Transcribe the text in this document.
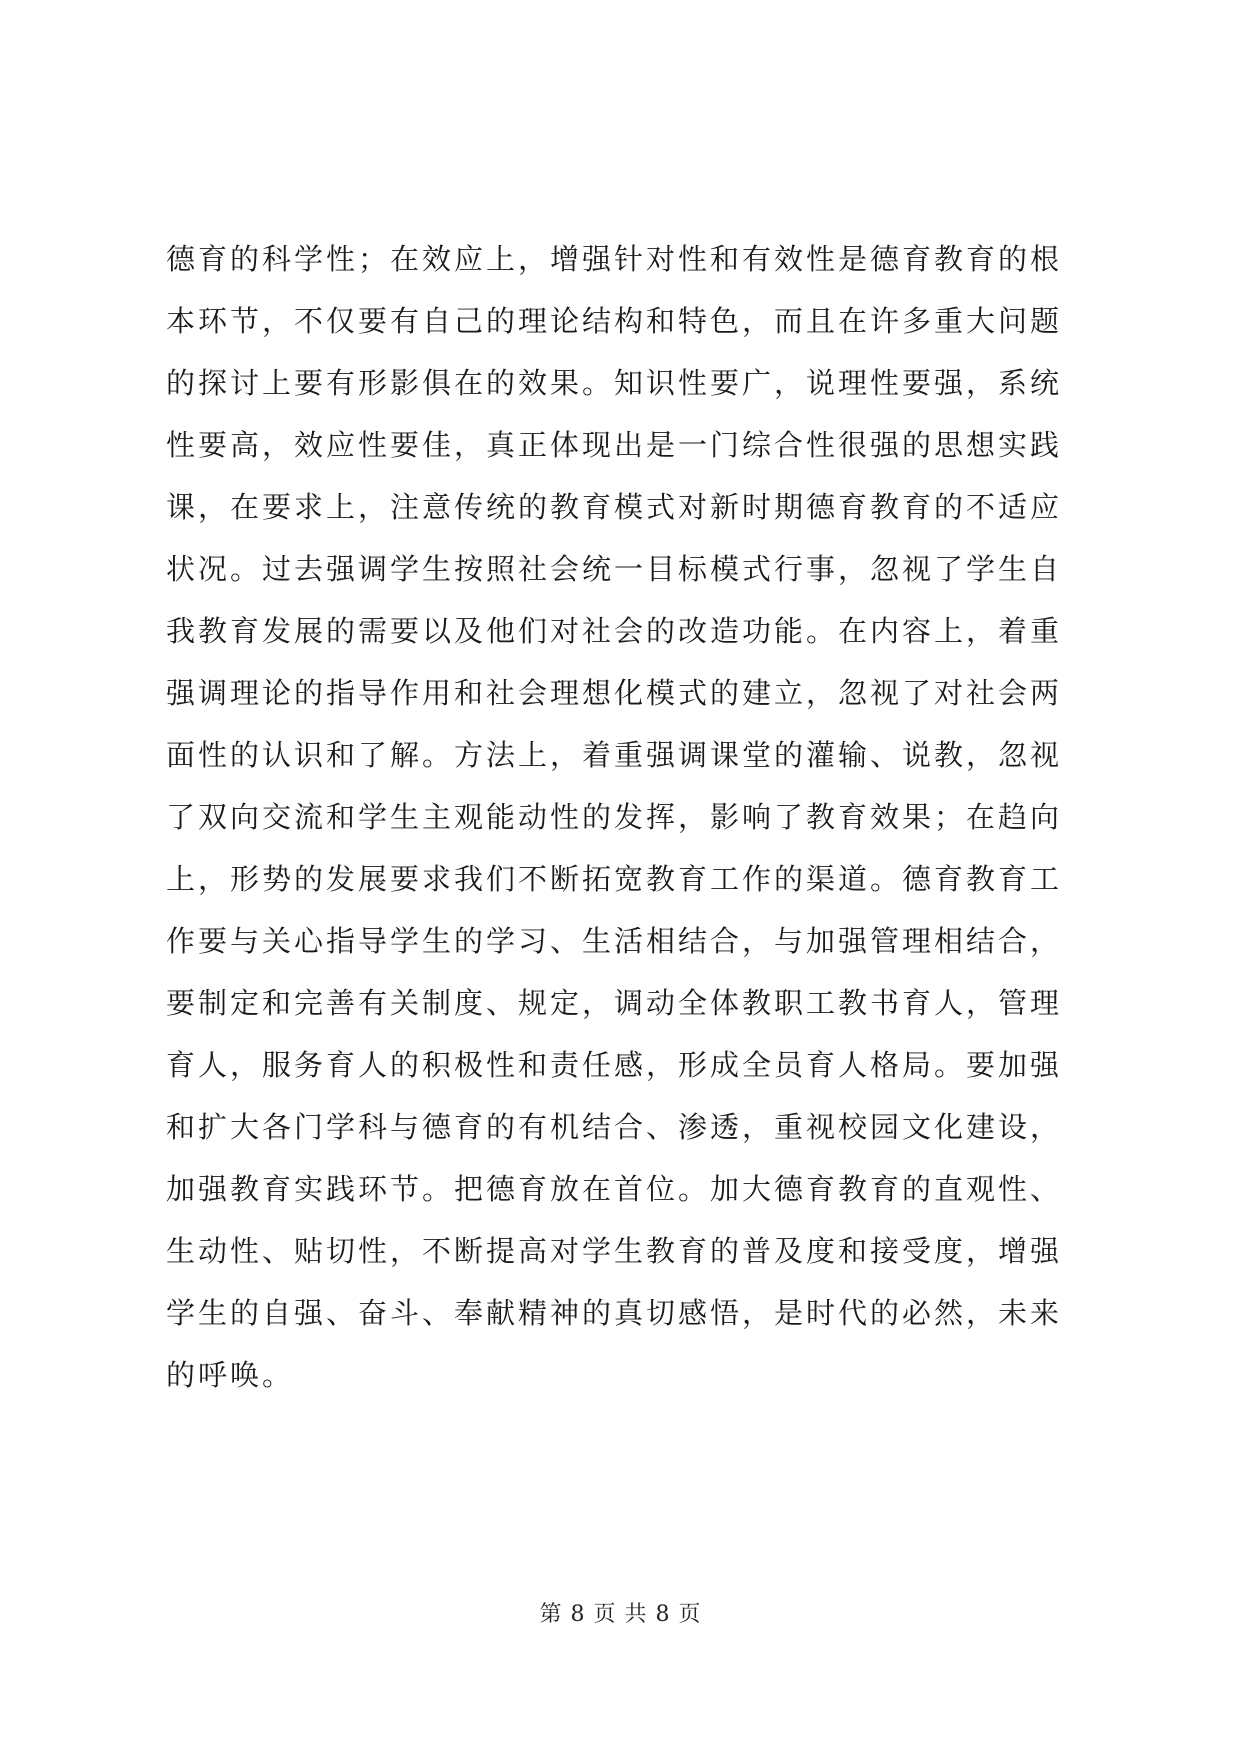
德育的科学性；在效应上，增强针对性和有效性是德育教育的根
本环节，不仅要有自己的理论结构和特色，而且在许多重大问题
的探讨上要有形影俱在的效果。知识性要广，说理性要强，系统
性要高，效应性要佳，真正体现出是一门综合性很强的思想实践
课，在要求上，注意传统的教育模式对新时期德育教育的不适应
状况。过去强调学生按照社会统一目标模式行事，忽视了学生自
我教育发展的需要以及他们对社会的改造功能。在内容上，着重
强调理论的指导作用和社会理想化模式的建立，忽视了对社会两
面性的认识和了解。方法上，着重强调课堂的灌输、说教，忽视
了双向交流和学生主观能动性的发挥，影响了教育效果；在趋向
上，形势的发展要求我们不断拓宽教育工作的渠道。德育教育工
作要与关心指导学生的学习、生活相结合，与加强管理相结合，
要制定和完善有关制度、规定，调动全体教职工教书育人，管理
育人，服务育人的积极性和责任感，形成全员育人格局。要加强
和扩大各门学科与德育的有机结合、渗透，重视校园文化建设，
加强教育实践环节。把德育放在首位。加大德育教育的直观性、
生动性、贴切性，不断提高对学生教育的普及度和接受度，增强
学生的自强、奋斗、奉献精神的真切感悟，是时代的必然，未来
的呼唤。
第 8 页 共 8 页
